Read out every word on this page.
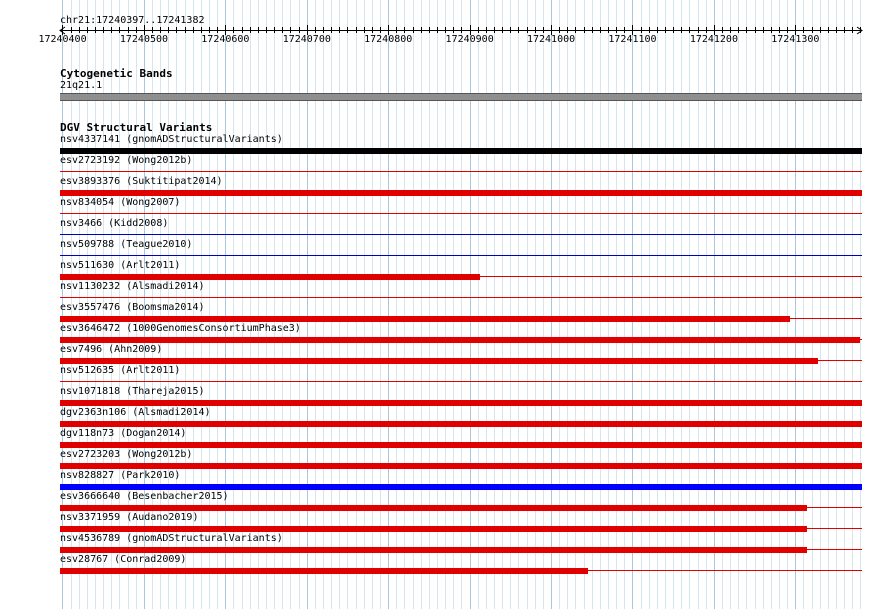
chr21:17240397..17241382
17240400	17240500	17240600	17240700	17240800	17240900	17241000	17241100	17241200	17241300
Cytogenetic Bands
21q21.1
DGV Structural Variants
nsv4337141 (gnomADStructuralVariants)
esv2723192 (Wong2012b)
esv3893376 (Suktitipat2014)
nsv834054 (Wong2007)
nsv3466 (Kidd2008)
nsv509788 (Teague2010)
nsv511630 (Arlt2011)
nsv1130232 (Alsmadi2014)
esv3557476 (Boomsma2014)
esv3646472 (1000GenomesConsortiumPhase3)
esv7496 (Ahn2009)
nsv512635 (Arlt2011)
nsv1071818 (Thareja2015)
dgv2363n106 (Alsmadi2014)
dgv118n73 (Dogan2014)
esv2723203 (Wong2012b)
nsv828827 (Park2010)
esv3666640 (Besenbacher2015)
nsv3371959 (Audano2019)
nsv4536789 (gnomADStructuralVariants)
esv28767 (Conrad2009)
